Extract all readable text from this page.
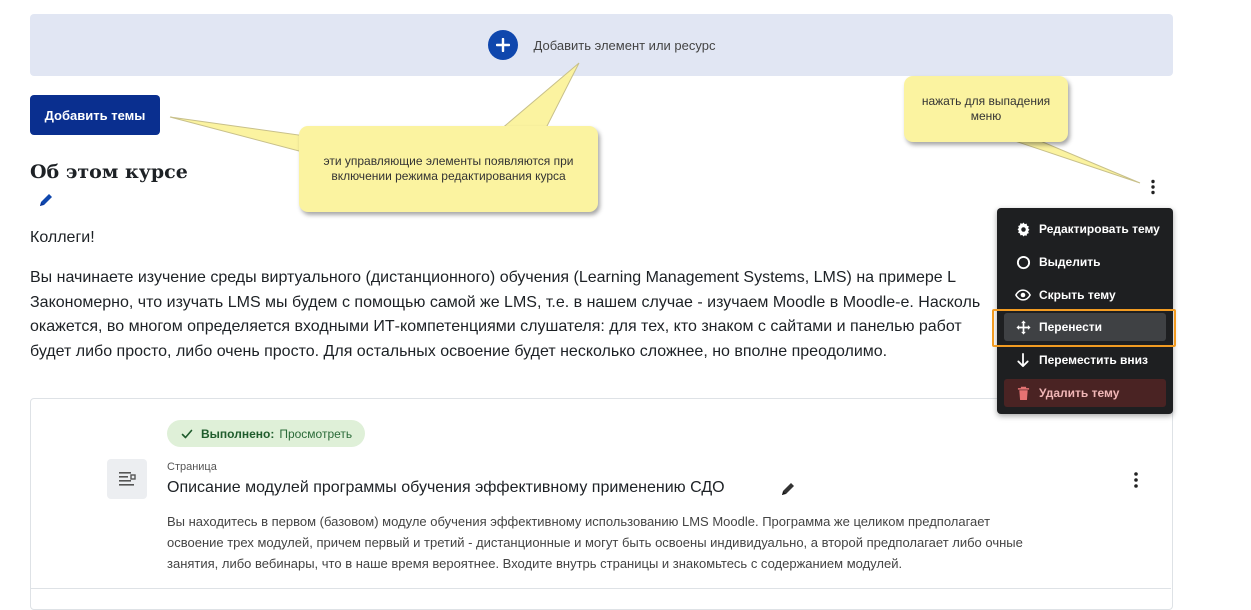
Добавить элемент или ресурс
Добавить темы
Об этом курсе
Коллеги!
Вы начинаете изучение среды виртуального (дистанционного) обучения (Learning Management Systems, LMS) на примере L
Закономерно, что изучать LMS мы будем с помощью самой же LMS, т.е. в нашем случае - изучаем Moodle в Moodle-е. Насколь
окажется, во многом определяется входными ИТ-компетенциями слушателя: для тех, кто знаком с сайтами и панелью работ
будет либо просто, либо очень просто. Для остальных освоение будет несколько сложнее, но вполне преодолимо.
Выполнено: Просмотреть
Страница
Описание модулей программы обучения эффективному применению СДО
Вы находитесь в первом (базовом) модуле обучения эффективному использованию LMS Moodle. Программа же целиком предполагает
освоение трех модулей, причем первый и третий - дистанционные и могут быть освоены индивидуально, а второй предполагает либо очные
занятия, либо вебинары, что в наше время вероятнее. Входите внутрь страницы и знакомьтесь с содержанием модулей.
Редактировать тему
Выделить
Скрыть тему
Перенести
Переместить вниз
Удалить тему
эти управляющие элементы появляются при включении режима редактирования курса
нажать для выпадения меню
